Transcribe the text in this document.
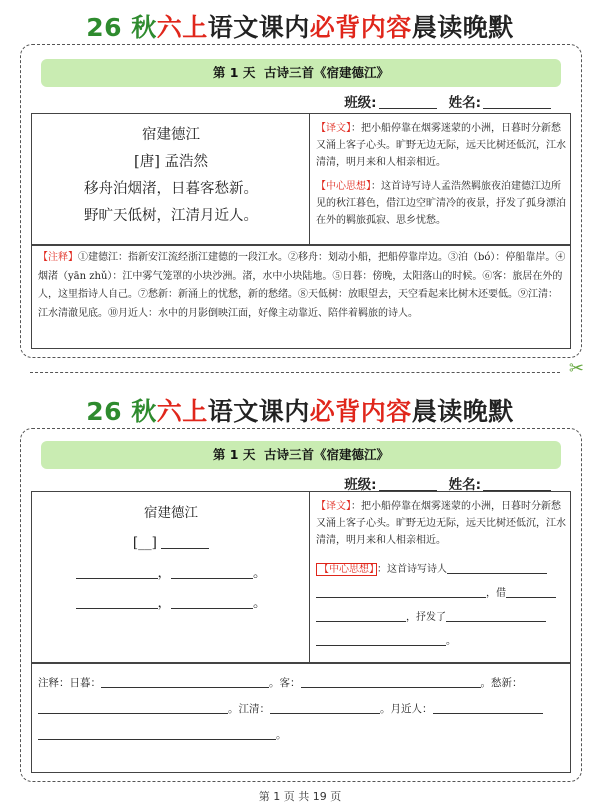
26 秋六上语文课内必背内容晨读晚默
第 1 天 古诗三首《宿建德江》
班级:	姓名:
宿建德江
[唐] 孟浩然
移舟泊烟渚，日暮客愁新。
野旷天低树，江清月近人。
【译文】：把小船停靠在烟雾迷蒙的小洲，日暮时分新愁又涌上客子心头。旷野无边无际，远天比树还低沉，江水清清，明月来和人相亲相近。
【中心思想】：这首诗写诗人孟浩然羁旅夜泊建德江边所见的秋江暮色，借江边空旷清冷的夜景，抒发了孤身漂泊在外的羁旅孤寂、思乡忧愁。
【注释】①建德江：指新安江流经浙江建德的一段江水。②移舟：划动小船，把船停靠岸边。③泊（bó）：停船靠岸。④烟渚（yān zhǔ）：江中雾气笼罩的小块沙洲。渚，水中小块陆地。⑤日暮：傍晚，太阳落山的时候。⑥客：旅居在外的人，这里指诗人自己。⑦愁新：新涌上的忧愁，新的愁绪。⑧天低树：放眼望去，天空看起来比树木还要低。⑨江清：江水清澈见底。⑩月近人：水中的月影倒映江面，好像主动靠近、陪伴着羁旅的诗人。
✂
26 秋六上语文课内必背内容晨读晚默
第 1 天 古诗三首《宿建德江》
班级:	姓名:
宿建德江
[__]
，	。
，	。
【译文】：把小船停靠在烟雾迷蒙的小洲，日暮时分新愁又涌上客子心头。旷野无边无际，远天比树还低沉，江水清清，明月来和人相亲相近。
【中心思想】 ：这首诗写诗人
，借
，抒发了
。
注释：日暮：	。客：	。愁新：
。江清：	。月近人：
。
第 1 页 共 19 页
